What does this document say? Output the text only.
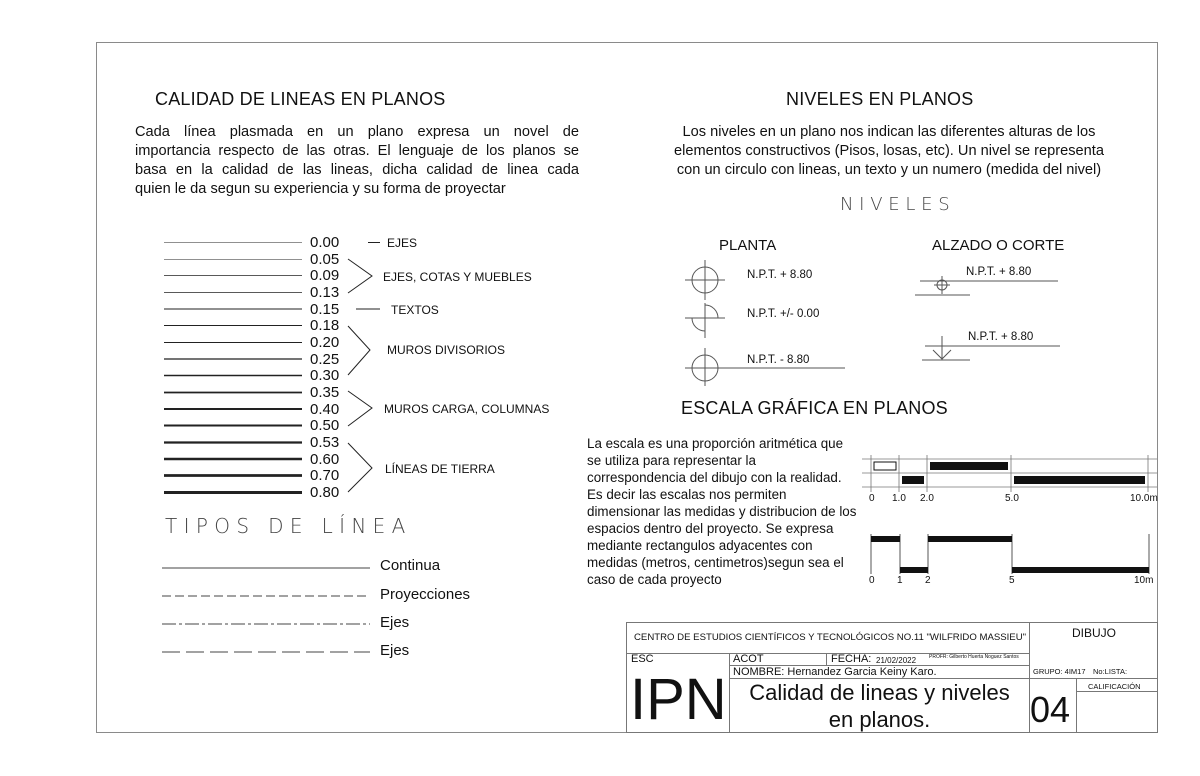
CALIDAD DE LINEAS EN PLANOS
Cada línea plasmada en un plano expresa un novel de
importancia respecto de las otras. El lenguaje de los planos se
basa en la calidad de las lineas, dicha calidad de linea cada
quien le da segun su experiencia y su forma de proyectar
0.00
0.05
0.09
0.13
0.15
0.18
0.20
0.25
0.30
0.35
0.40
0.50
0.53
0.60
0.70
0.80
EJES
EJES, COTAS Y MUEBLES
TEXTOS
MUROS DIVISORIOS
MUROS CARGA, COLUMNAS
LÍNEAS DE TIERRA
T I P O S   D E   L Í N E A
Continua
Proyecciones
Ejes
Ejes
NIVELES EN PLANOS
Los niveles en un plano nos indican las diferentes alturas de los
elementos constructivos (Pisos, losas, etc). Un nivel se representa
con un circulo con lineas, un texto y un numero (medida del nivel)
N I V E L E S
PLANTA	ALZADO O CORTE
N.P.T. + 8.80
N.P.T. +/- 0.00
N.P.T. - 8.80
N.P.T. + 8.80
N.P.T. + 8.80
ESCALA GRÁFICA EN PLANOS
La escala es una proporción aritmética que
se utiliza para representar la
correspondencia del dibujo con la realidad.
Es decir las escalas nos permiten
dimensionar las medidas y distribucion de los
espacios dentro del proyecto. Se expresa
mediante rectangulos adyacentes con
medidas (metros, centimetros)segun sea el
caso de cada proyecto
0 1.0 2.0	5.0	10.0m
0 1 2	5	10m
CENTRO DE ESTUDIOS CIENTÍFICOS Y TECNOLÓGICOS NO.11 "WILFRIDO MASSIEU"	DIBUJO
ESC	ACOT	FECHA: 21/02/2022	PROFR: Gilberto Huerta Noguez Santos
NOMBRE: Hernandez Garcia Keiny Karo.	GRUPO: 4IM17 No:LISTA:
CALIFICACIÓN
IPN	Calidad de lineas y niveles
en planos.	04
